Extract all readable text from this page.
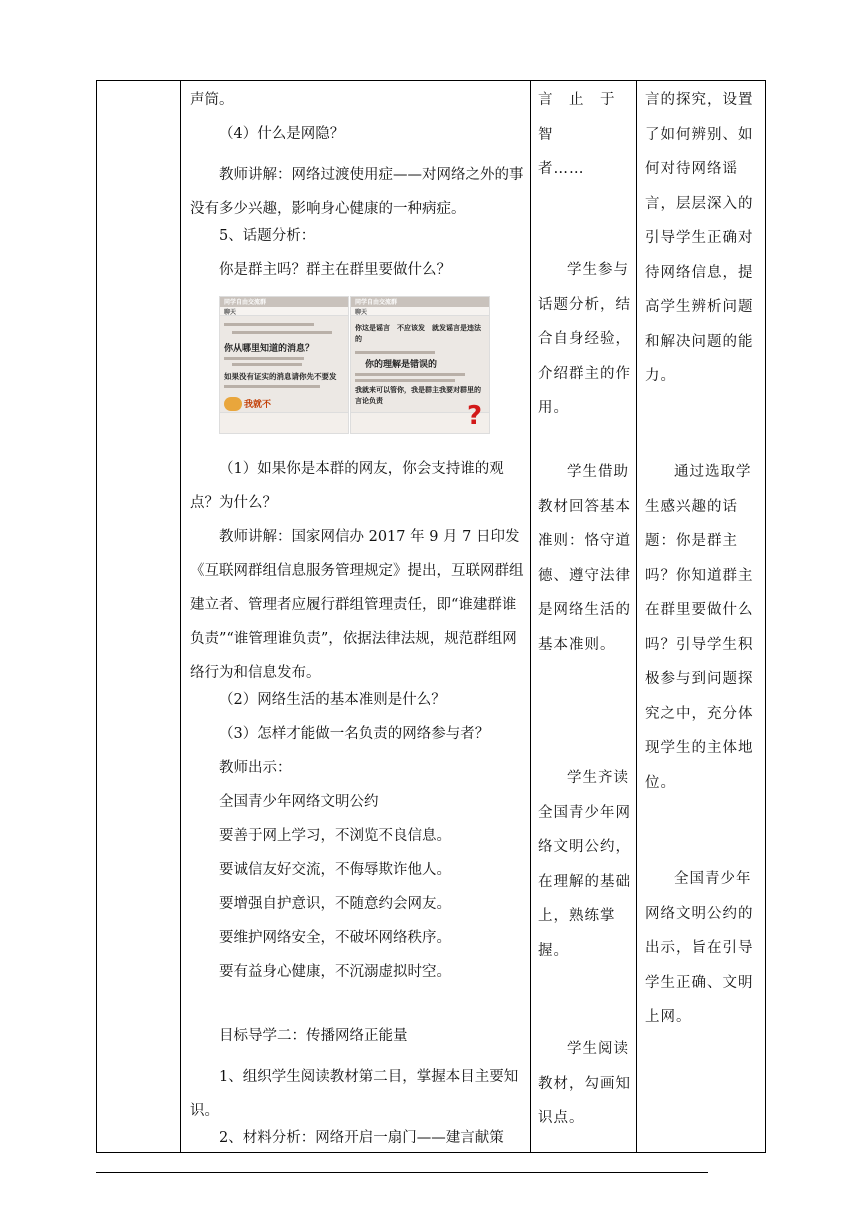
声筒。
（4）什么是网隐？
教师讲解：网络过渡使用症——对网络之外的事没有多少兴趣，影响身心健康的一种病症。
5、话题分析：
你是群主吗？群主在群里要做什么？
同学自由交流群
聊天
你从哪里知道的消息？
如果没有证实的消息请你先不要发
我就不
同学自由交流群
聊天
你这是谣言　不应该发　就发谣言是违法的
你的理解是错误的
我就来可以管你，我是群主我要对群里的言论负责	?
（1）如果你是本群的网友，你会支持谁的观点？为什么？
教师讲解：国家网信办 2017 年 9 月 7 日印发《互联网群组信息服务管理规定》提出，互联网群组建立者、管理者应履行群组管理责任，即“谁建群谁负责”“谁管理谁负责”，依据法律法规，规范群组网络行为和信息发布。
（2）网络生活的基本准则是什么？
（3）怎样才能做一名负责的网络参与者？
教师出示：
全国青少年网络文明公约
要善于网上学习，不浏览不良信息。
要诚信友好交流，不侮辱欺诈他人。
要增强自护意识，不随意约会网友。
要维护网络安全，不破坏网络秩序。
要有益身心健康，不沉溺虚拟时空。
目标导学二：传播网络正能量
1、组织学生阅读教材第二目，掌握本目主要知识。
2、材料分析：网络开启一扇门——建言献策
言　止　于　智
者……
学生参与
话题分析，结
合自身经验，
介绍群主的作
用。
学生借助
教材回答基本
准则：恪守道
德、遵守法律
是网络生活的
基本准则。
学生齐读
全国青少年网
络文明公约，
在理解的基础
上，熟练掌握。
学生阅读
教材，勾画知
识点。
言的探究，设置
了如何辨别、如
何对待网络谣
言，层层深入的
引导学生正确对
待网络信息，提
高学生辨析问题
和解决问题的能
力。
通过选取学
生感兴趣的话
题：你是群主
吗？你知道群主
在群里要做什么
吗？引导学生积
极参与到问题探
究之中，充分体
现学生的主体地
位。
全国青少年
网络文明公约的
出示，旨在引导
学生正确、文明
上网。
